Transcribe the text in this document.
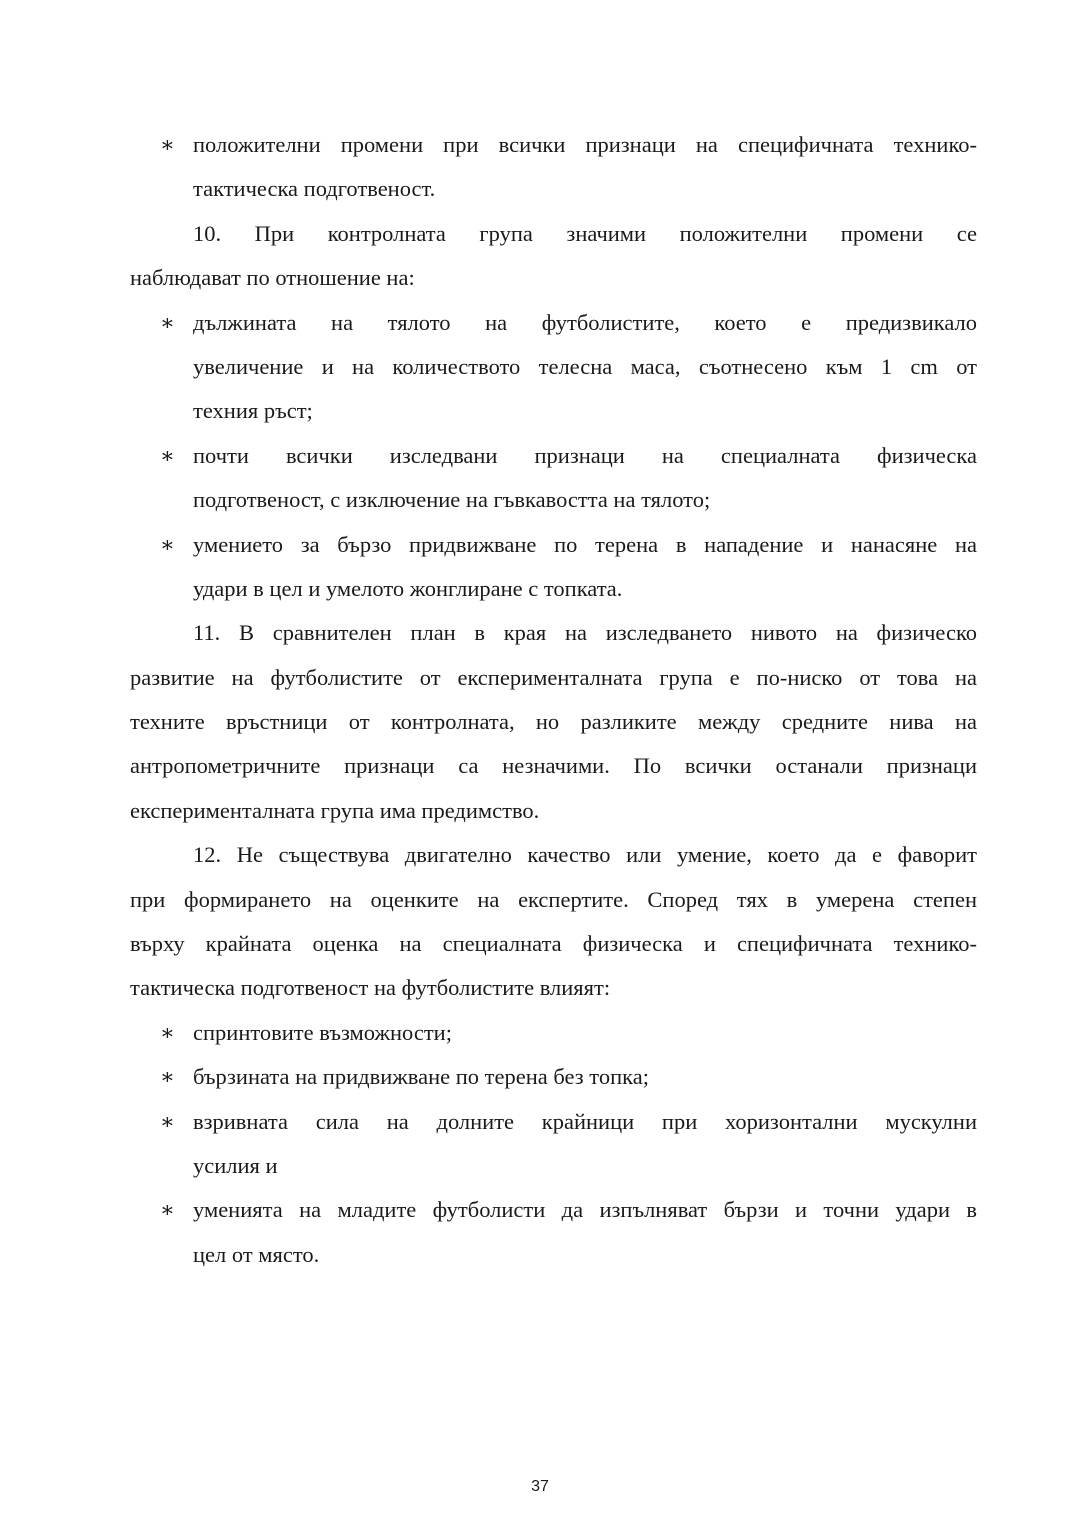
∗ положителни промени при всички признаци на специфичната технико-
тактическа подготвеност.
10. При контролната група значими положителни промени се
наблюдават по отношение на:
∗ дължината на тялото на футболистите, което е предизвикало
увеличение и на количеството телесна маса, съотнесено към 1 cm от
техния ръст;
∗ почти всички изследвани признаци на специалната физическа
подготвеност, с изключение на гъвкавостта на тялото;
∗ умението за бързо придвижване по терена в нападение и нанасяне на
удари в цел и умелото жонглиране с топката.
11. В сравнителен план в края на изследването нивото на физическо
развитие на футболистите от експерименталната група е по-ниско от това на
техните връстници от контролната, но разликите между средните нива на
антропометричните признаци са незначими. По всички останали признаци
експерименталната група има предимство.
12. Не съществува двигателно качество или умение, което да е фаворит
при формирането на оценките на експертите. Според тях в умерена степен
върху крайната оценка на специалната физическа и специфичната технико-
тактическа подготвеност на футболистите влияят:
∗ спринтовите възможности;
∗ бързината на придвижване по терена без топка;
∗ взривната сила на долните крайници при хоризонтални мускулни
усилия и
∗ уменията на младите футболисти да изпълняват бързи и точни удари в
цел от място.
37
